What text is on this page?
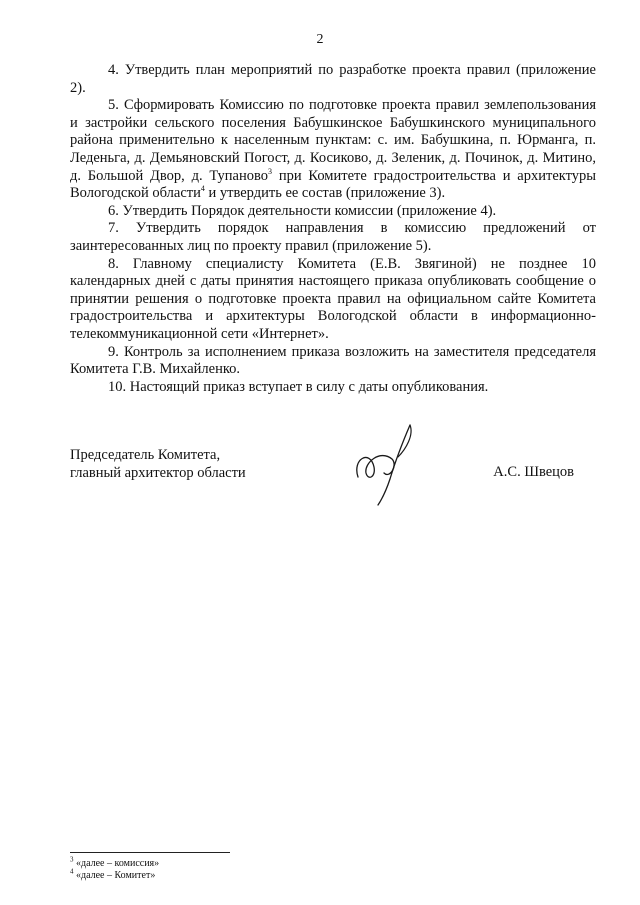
2

4. Утвердить план мероприятий по разработке проекта правил (приложение 2).

5. Сформировать Комиссию по подготовке проекта правил землепользования и застройки сельского поселения Бабушкинское Бабушкинского муниципального района применительно к населенным пунктам: с. им. Бабушкина, п. Юрманга, п. Леденьга, д. Демьяновский Погост, д. Косиково, д. Зеленик, д. Починок, д. Митино, д. Большой Двор, д. Тупаново$^3$ при Комитете градостроительства и архитектуры Вологодской области$^4$ и утвердить ее состав (приложение 3).

6. Утвердить Порядок деятельности комиссии (приложение 4).

7. Утвердить порядок направления в комиссию предложений от заинтересованных лиц по проекту правил (приложение 5).

8. Главному специалисту Комитета (Е.В. Звягиной) не позднее 10 календарных дней с даты принятия настоящего приказа опубликовать сообщение о принятии решения о подготовке проекта правил на официальном сайте Комитета градостроительства и архитектуры Вологодской области в информационно-телекоммуникационной сети «Интернет».

9. Контроль за исполнением приказа возложить на заместителя председателя Комитета Г.В. Михайленко.

10. Настоящий приказ вступает в силу с даты опубликования.

Председатель Комитета,
главный архитектор области	А.С. Швецов
$^3$ «далее – комиссия»
$^4$ «далее – Комитет»
